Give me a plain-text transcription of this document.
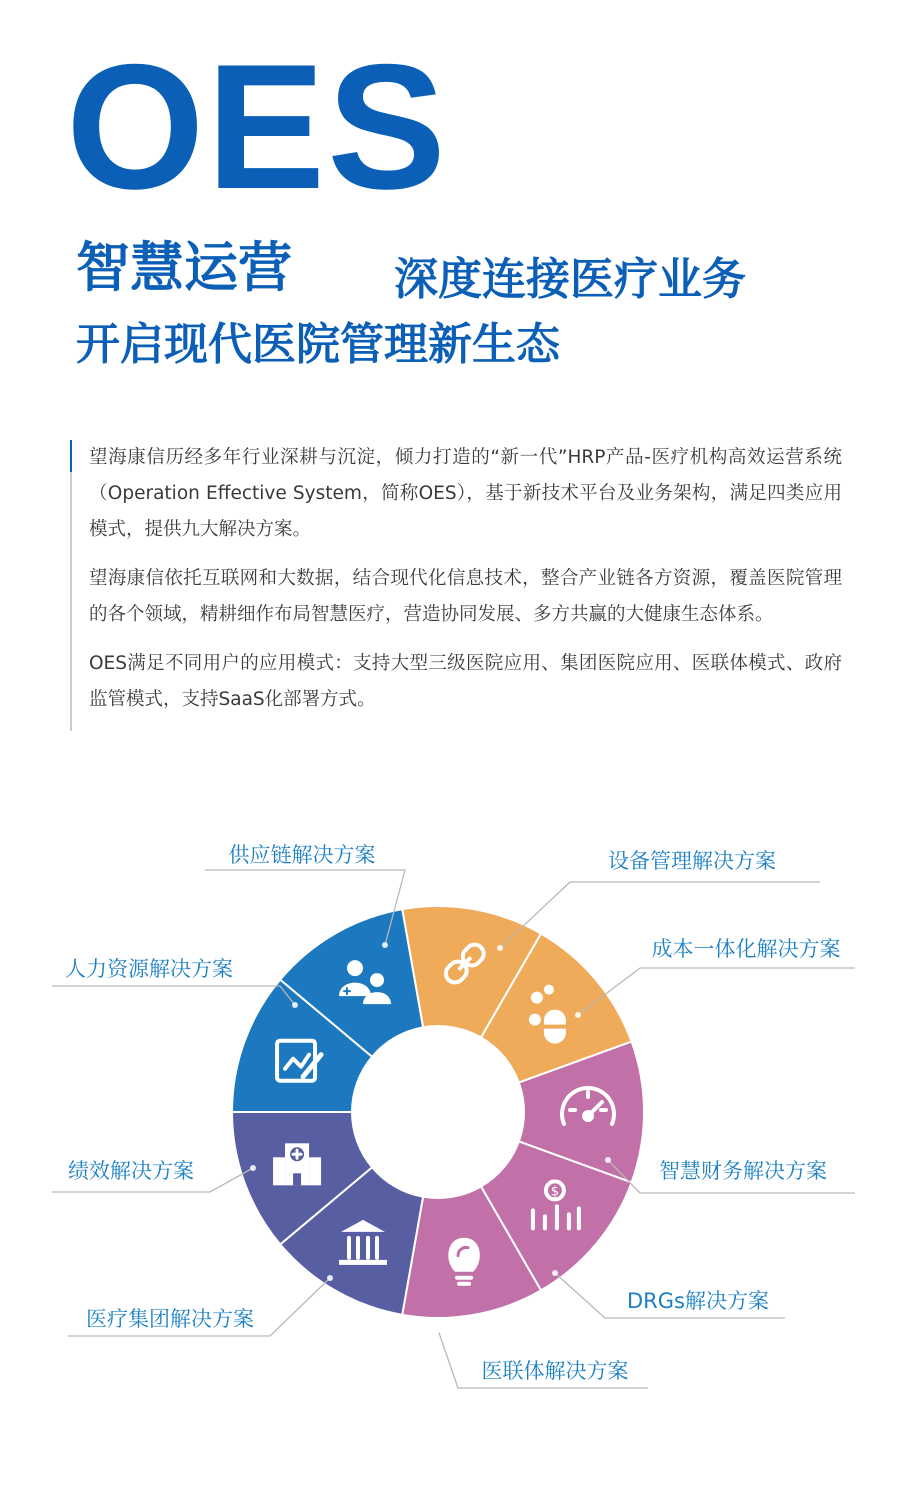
OES
智慧运营 深度连接医疗业务
开启现代医院管理新生态

望海康信历经多年行业深耕与沉淀，倾力打造的“新一代”HRP产品-医疗机构高效运营系统（Operation Effective System，简称OES），基于新技术平台及业务架构，满足四类应用模式，提供九大解决方案。

望海康信依托互联网和大数据，结合现代化信息技术，整合产业链各方资源，覆盖医院管理的各个领域，精耕细作布局智慧医疗，营造协同发展、多方共赢的大健康生态体系。

OES满足不同用户的应用模式：支持大型三级医院应用、集团医院应用、医联体模式、政府监管模式，支持SaaS化部署方式。

$
供应链解决方案	设备管理解决方案
成本一体化解决方案
智慧财务解决方案
DRGs解决方案
医联体解决方案
医疗集团解决方案
绩效解决方案
人力资源解决方案
